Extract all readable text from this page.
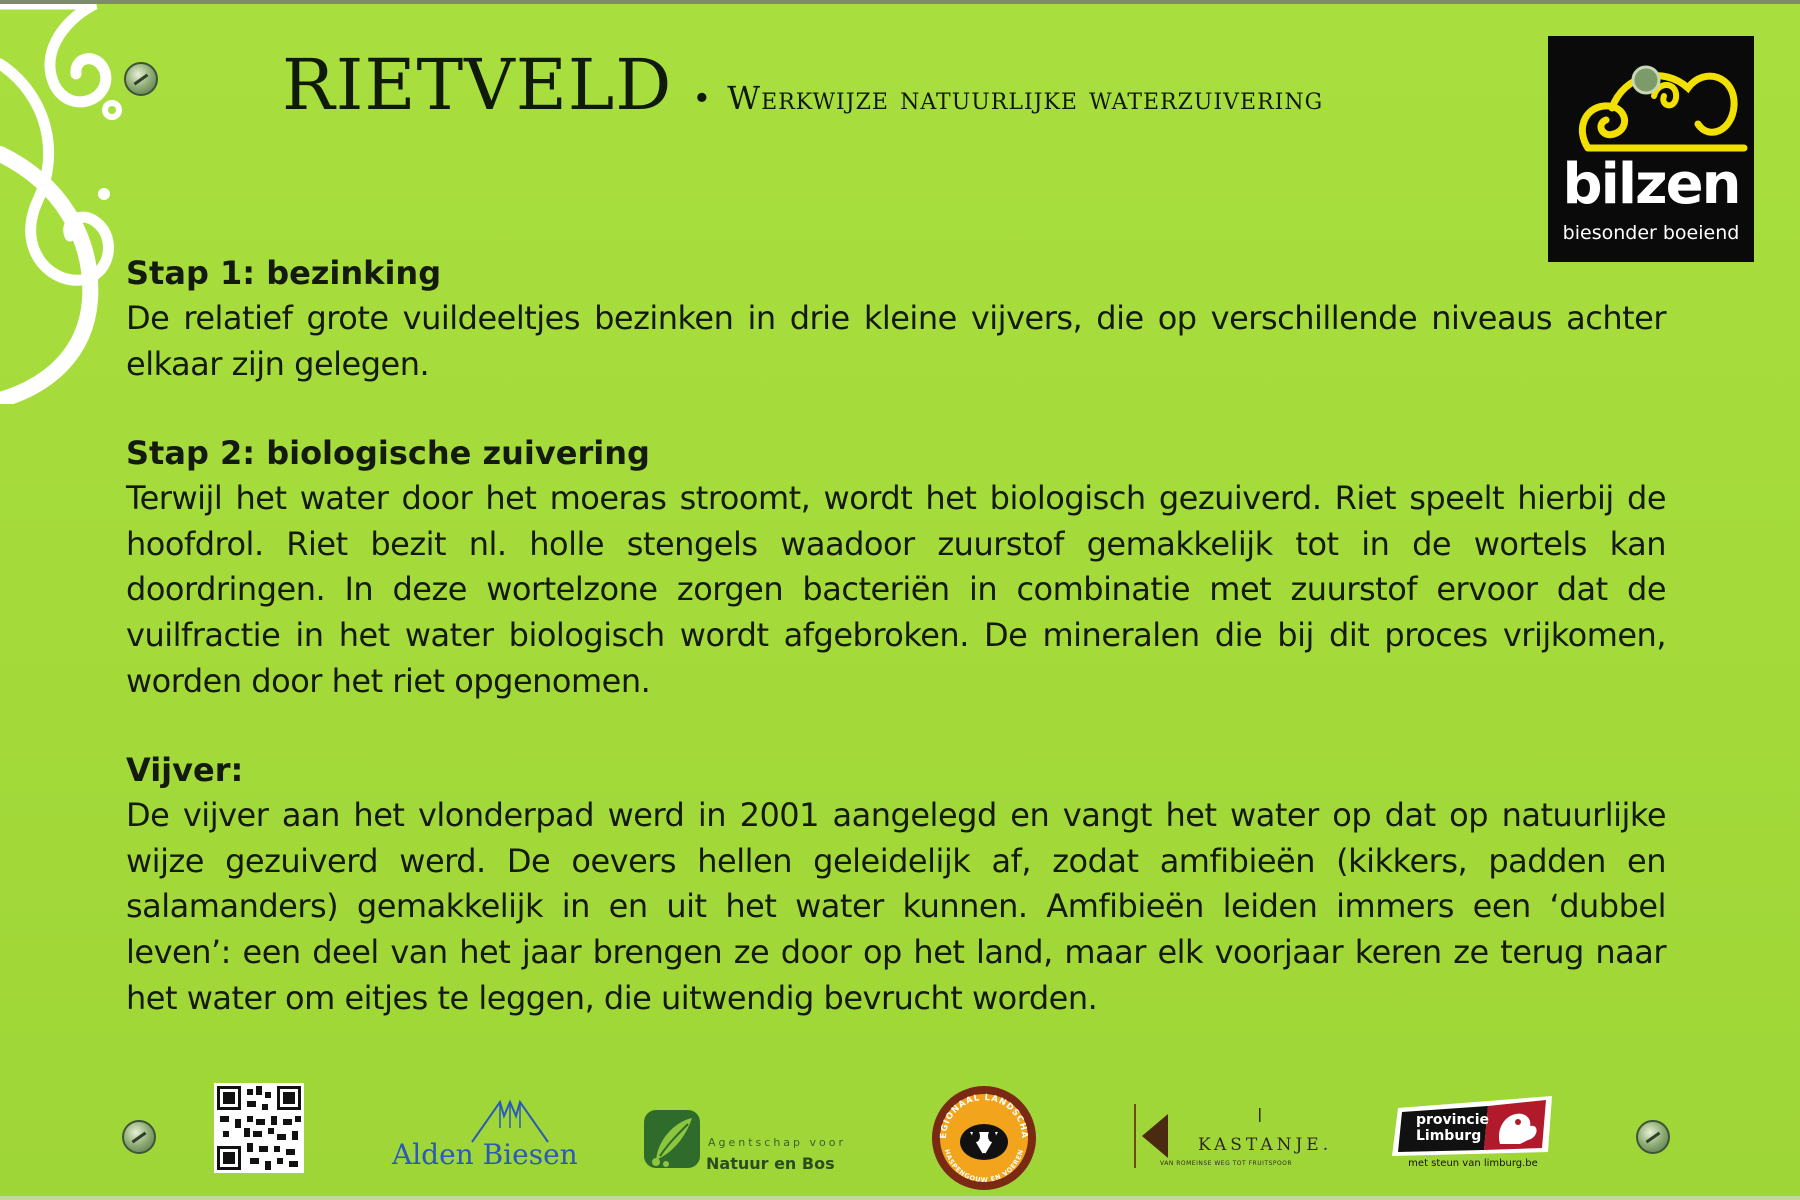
RIETVELD • Werkwijze natuurlijke waterzuivering
bilzen
biesonder boeiend
Stap 1: bezinking

De relatief grote vuildeeltjes bezinken in drie kleine vijvers, die op verschillende niveaus achter elkaar zijn gelegen.

Stap 2: biologische zuivering

Terwijl het water door het moeras stroomt, wordt het biologisch gezuiverd. Riet speelt hierbij de hoofdrol. Riet bezit nl. holle stengels waadoor zuurstof gemakkelijk tot in de wortels kan doordringen. In deze wortelzone zorgen bacteriën in combinatie met zuurstof ervoor dat de vuilfractie in het water biologisch wordt afgebroken. De mineralen die bij dit proces vrijkomen, worden door het riet opgenomen.

Vijver:

De vijver aan het vlonderpad werd in 2001 aangelegd en vangt het water op dat op natuurlijke wijze gezuiverd werd. De oevers hellen geleidelijk af, zodat amfibieën (kikkers, padden en salamanders) gemakkelijk in en uit het water kunnen. Amfibieën leiden immers een ‘dubbel leven’: een deel van het jaar brengen ze door op het land, maar elk voorjaar keren ze terug naar het water om eitjes te leggen, die uitwendig bevrucht worden.

Alden Biesen	Agentschap voor
Natuur en Bos
EGIONAAL LANDSCHA
HASPENGOUW EN VOEREN	KASTANJE.
VAN ROMEINSE WEG TOT FRUITSPOOR
provincie
Limburg
met steun van limburg.be
